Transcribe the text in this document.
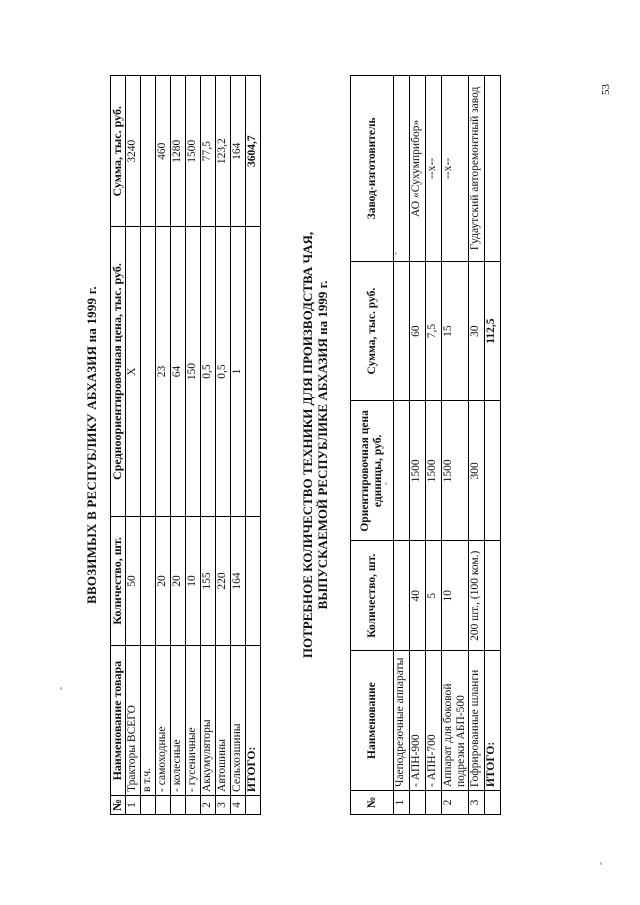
53
ВВОЗИМЫХ В РЕСПУБЛИКУ АБХАЗИЯ на 1999 г.
№	Наименование товара	Количество, шт.	Средноориентировочная цена, тыс. руб.	Сумма, тыс. руб.
1	Тракторы ВСЕГО	50	Х	3240
	в т.ч.			
	- самоходные	20	23	460
	- колесные	20	64	1280
	- гусеничные	10	150	1500
2	Аккумуляторы	155	0,5	77,5
3	Автошины	220	0,5	123,2
4	Сельхозшины	164	1	164
	ИТОГО:			3604,7
ПОТРЕБНОЕ КОЛИЧЕСТВО ТЕХНИКИ ДЛЯ ПРОИЗВОДСТВА ЧАЯ, ВЫПУСКАЕМОЙ РЕСПУБЛИКЕ АБХАЗИЯ на 1999 г.
№	Наименование	Количество, шт.	Ориентировочная цена единицы, руб.	Сумма, тыс. руб.	Завод-изготовитель
1	Чаеподрезочные аппараты				
	- АПН-900	40	1500	60	АО «Сухумприбор»
	- АПН-700	5	1500	7,5	--х--
2	Аппарат для боковой подрезки АБП-500	10	1500	15	--х--
3	Гофрированные шланги	200 шт., (100 ком.)	300	30	Гудаутский авторемонтный завод
	ИТОГО:			112,5	
